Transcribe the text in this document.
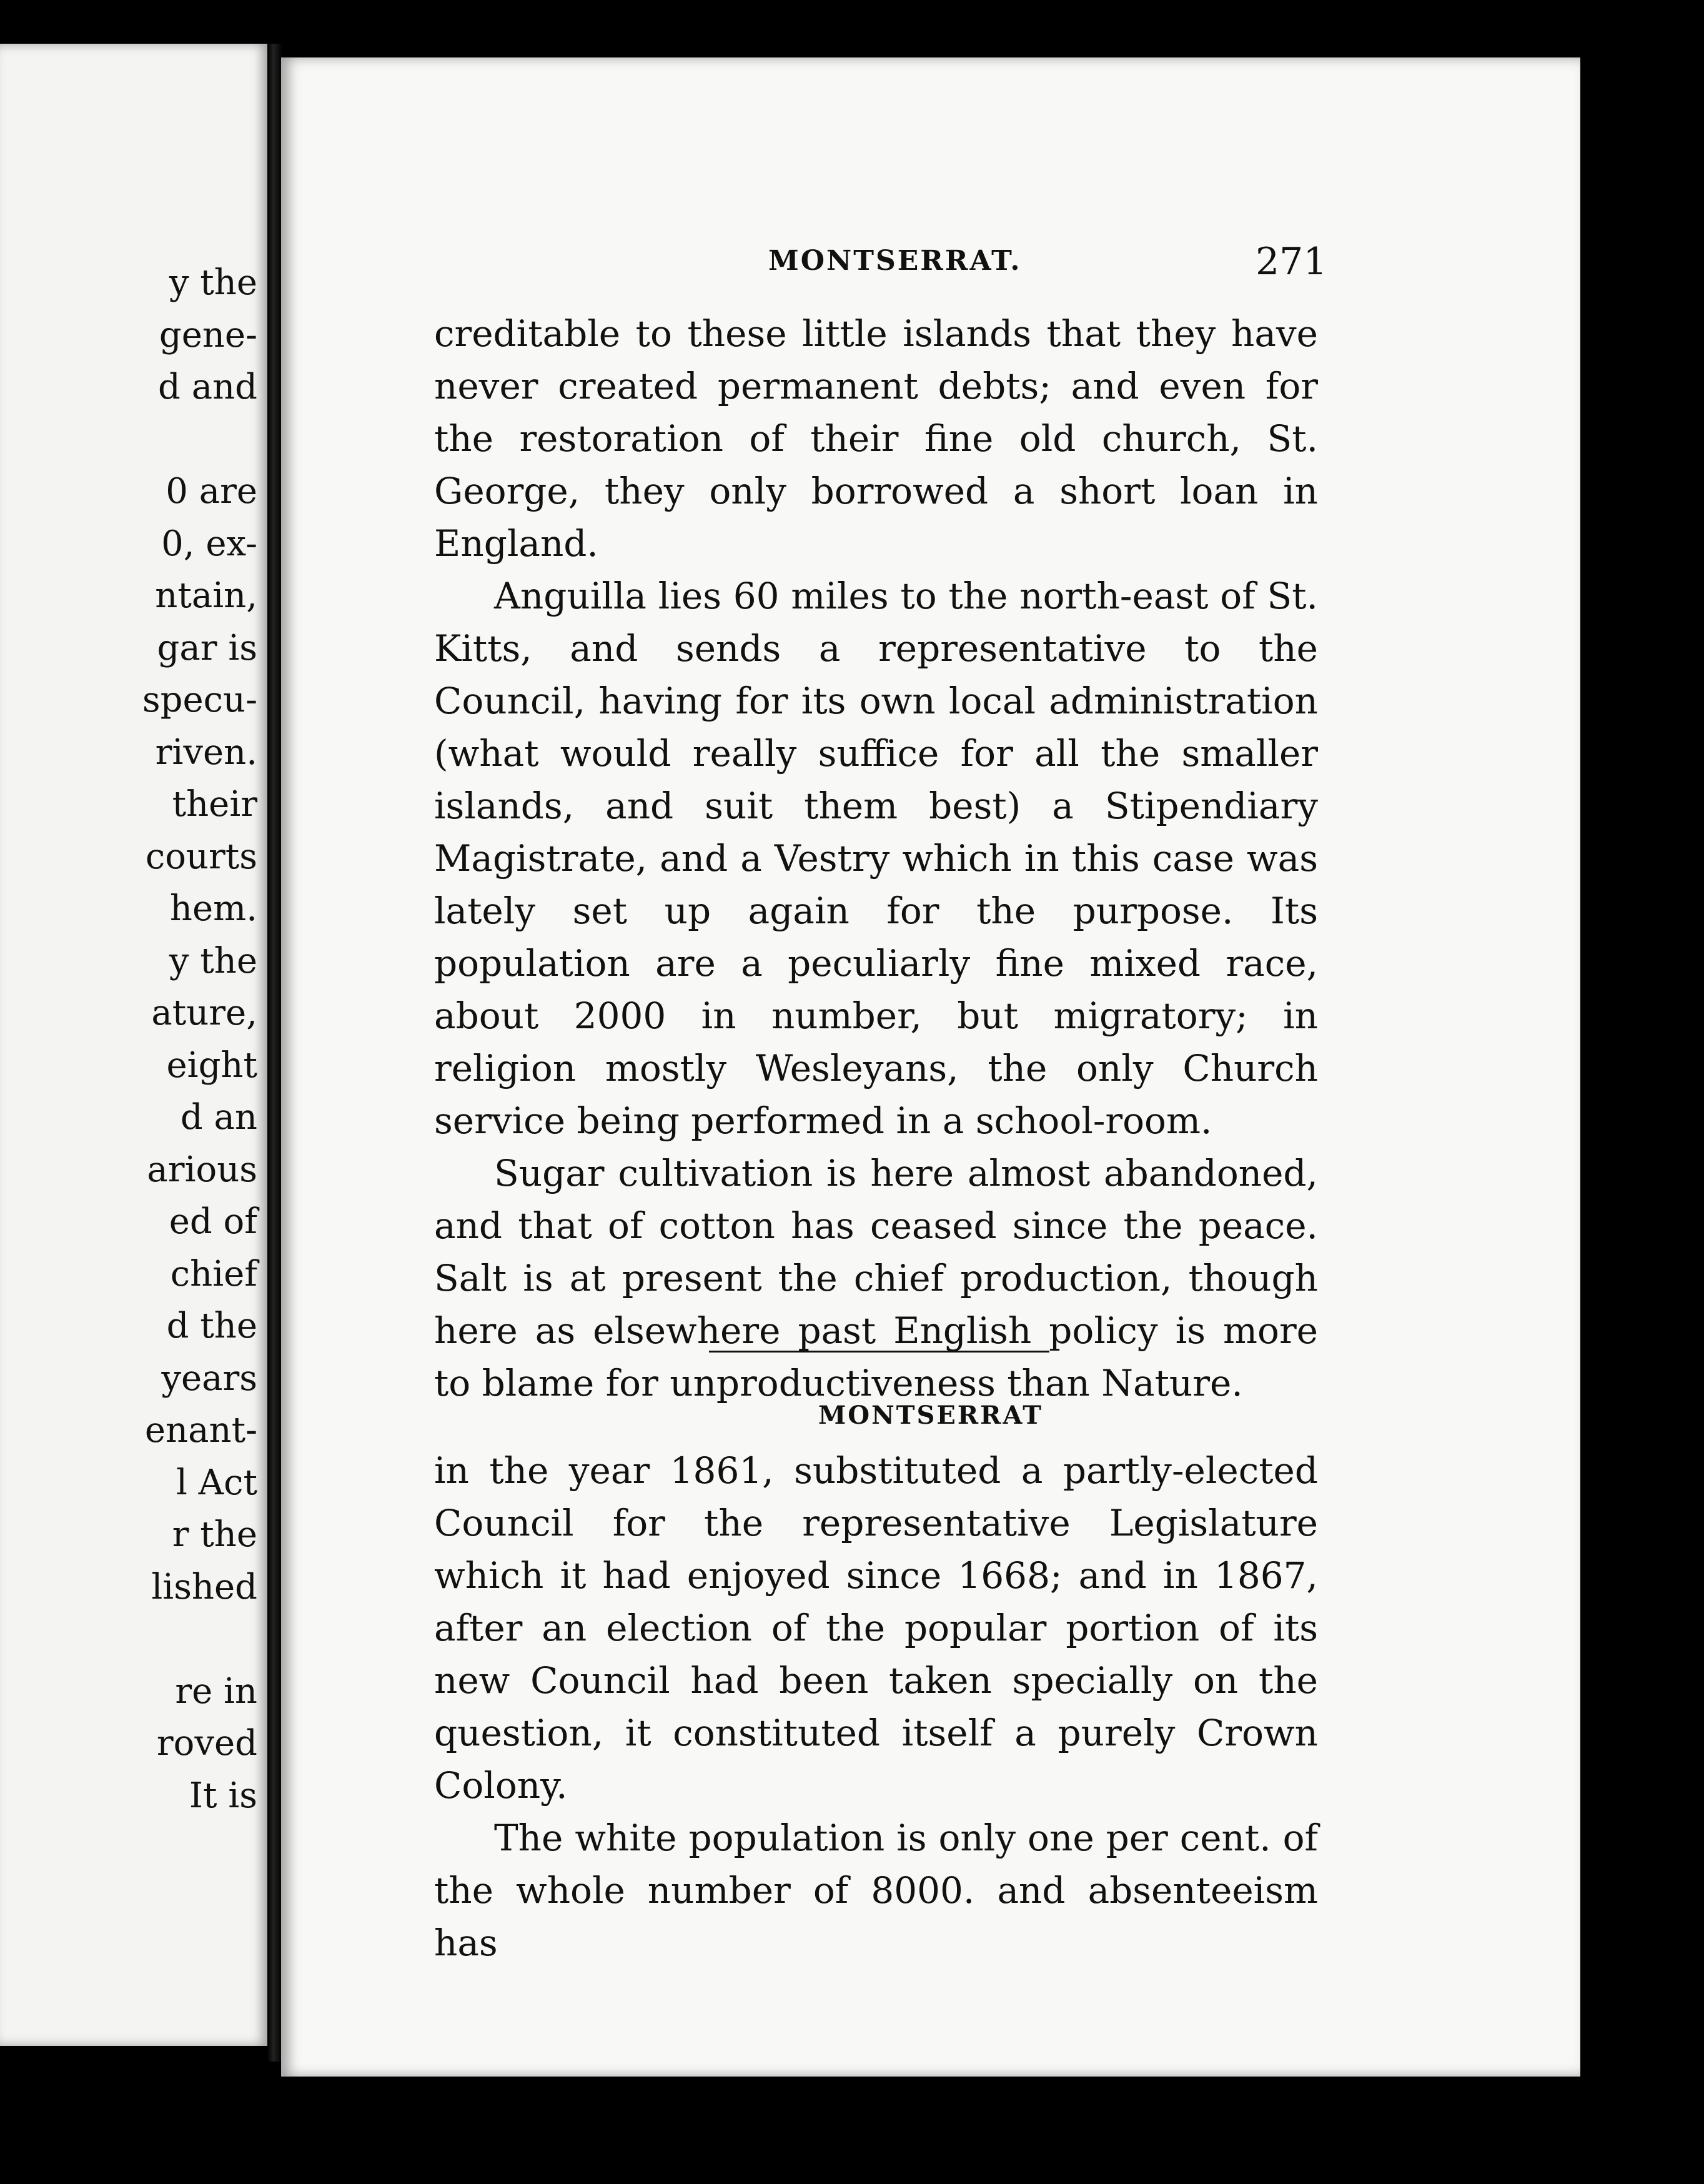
y the
gene-
d and
0 are
0, ex-
ntain,
gar is
specu-
riven.
their
courts
hem.
y the
ature,
eight
d an
arious
ed of
chief
d the
years
enant-
l Act
r the
lished
re in
roved
It is
MONTSERRAT.	271

creditable to these little islands that they have never created permanent debts; and even for the restoration of their fine old church, St. George, they only borrowed a short loan in England.

Anguilla lies 60 miles to the north-east of St. Kitts, and sends a representative to the Council, having for its own local administration (what would really suffice for all the smaller islands, and suit them best) a Stipendiary Magistrate, and a Vestry which in this case was lately set up again for the purpose. Its population are a peculiarly fine mixed race, about 2000 in number, but migratory; in religion mostly Wesleyans, the only Church service being performed in a school-room.

Sugar cultivation is here almost abandoned, and that of cotton has ceased since the peace. Salt is at present the chief production, though here as elsewhere past English policy is more to blame for unproductiveness than Nature.

MONTSERRAT

in the year 1861, substituted a partly-elected Council for the representative Legislature which it had enjoyed since 1668; and in 1867, after an election of the popular portion of its new Council had been taken specially on the question, it constituted itself a purely Crown Colony.

The white population is only one per cent. of the whole number of 8000. and absenteeism has
